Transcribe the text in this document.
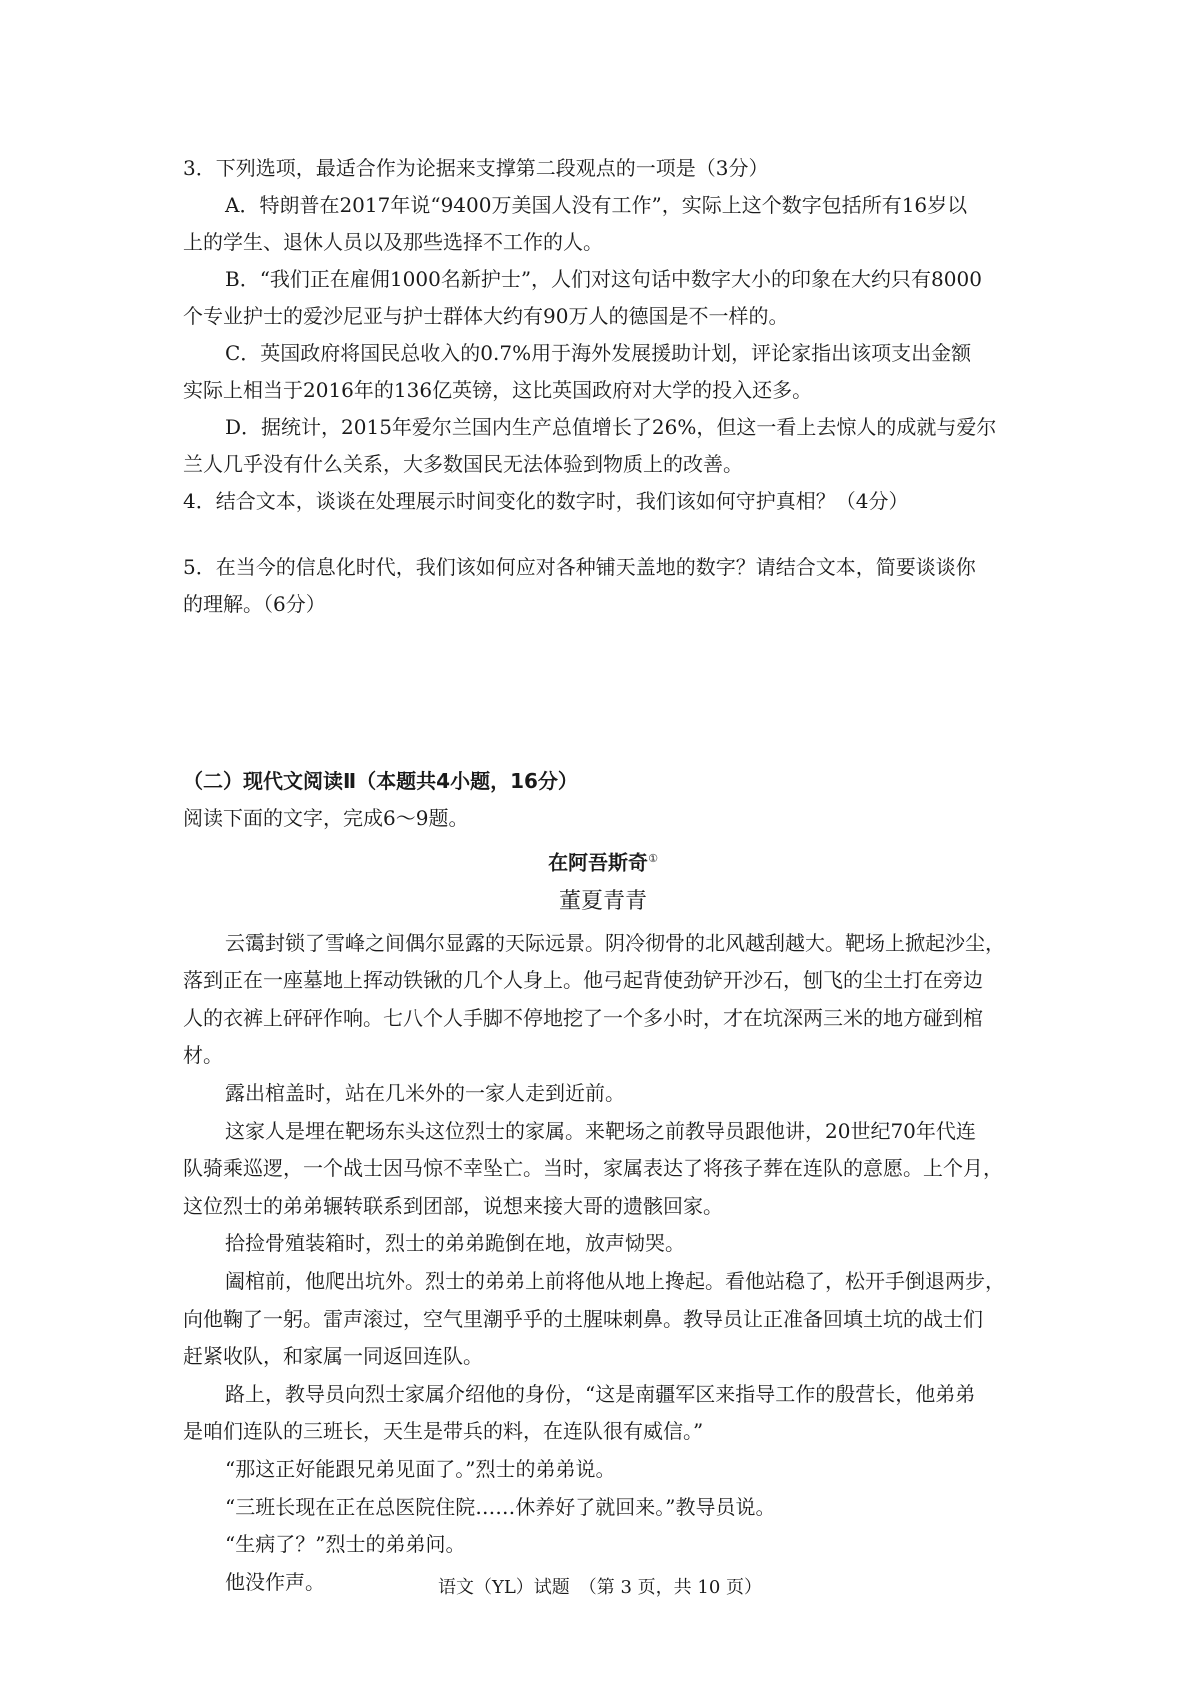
3．下列选项，最适合作为论据来支撑第二段观点的一项是（3分）

A．特朗普在2017年说“9400万美国人没有工作”，实际上这个数字包括所有16岁以

上的学生、退休人员以及那些选择不工作的人。

B．“我们正在雇佣1000名新护士”，人们对这句话中数字大小的印象在大约只有8000

个专业护士的爱沙尼亚与护士群体大约有90万人的德国是不一样的。

C．英国政府将国民总收入的0.7%用于海外发展援助计划，评论家指出该项支出金额

实际上相当于2016年的136亿英镑，这比英国政府对大学的投入还多。

D．据统计，2015年爱尔兰国内生产总值增长了26%，但这一看上去惊人的成就与爱尔

兰人几乎没有什么关系，大多数国民无法体验到物质上的改善。

4．结合文本，谈谈在处理展示时间变化的数字时，我们该如何守护真相？（4分）

5．在当今的信息化时代，我们该如何应对各种铺天盖地的数字？请结合文本，简要谈谈你

的理解。（6分）

（二）现代文阅读Ⅱ（本题共4小题，16分）

阅读下面的文字，完成6～9题。

在阿吾斯奇①

董夏青青

云霭封锁了雪峰之间偶尔显露的天际远景。阴冷彻骨的北风越刮越大。靶场上掀起沙尘，

落到正在一座墓地上挥动铁锹的几个人身上。他弓起背使劲铲开沙石，刨飞的尘土打在旁边

人的衣裤上砰砰作响。七八个人手脚不停地挖了一个多小时，才在坑深两三米的地方碰到棺

材。

露出棺盖时，站在几米外的一家人走到近前。

这家人是埋在靶场东头这位烈士的家属。来靶场之前教导员跟他讲，20世纪70年代连

队骑乘巡逻，一个战士因马惊不幸坠亡。当时，家属表达了将孩子葬在连队的意愿。上个月，

这位烈士的弟弟辗转联系到团部，说想来接大哥的遗骸回家。

拾捡骨殖装箱时，烈士的弟弟跪倒在地，放声恸哭。

阖棺前，他爬出坑外。烈士的弟弟上前将他从地上搀起。看他站稳了，松开手倒退两步，

向他鞠了一躬。雷声滚过，空气里潮乎乎的土腥味刺鼻。教导员让正准备回填土坑的战士们

赶紧收队，和家属一同返回连队。

路上，教导员向烈士家属介绍他的身份，“这是南疆军区来指导工作的殷营长，他弟弟

是咱们连队的三班长，天生是带兵的料，在连队很有威信。”

“那这正好能跟兄弟见面了。”烈士的弟弟说。

“三班长现在正在总医院住院……休养好了就回来。”教导员说。

“生病了？”烈士的弟弟问。

他没作声。	语文（YL）试题　（第 3 页，共 10 页）
